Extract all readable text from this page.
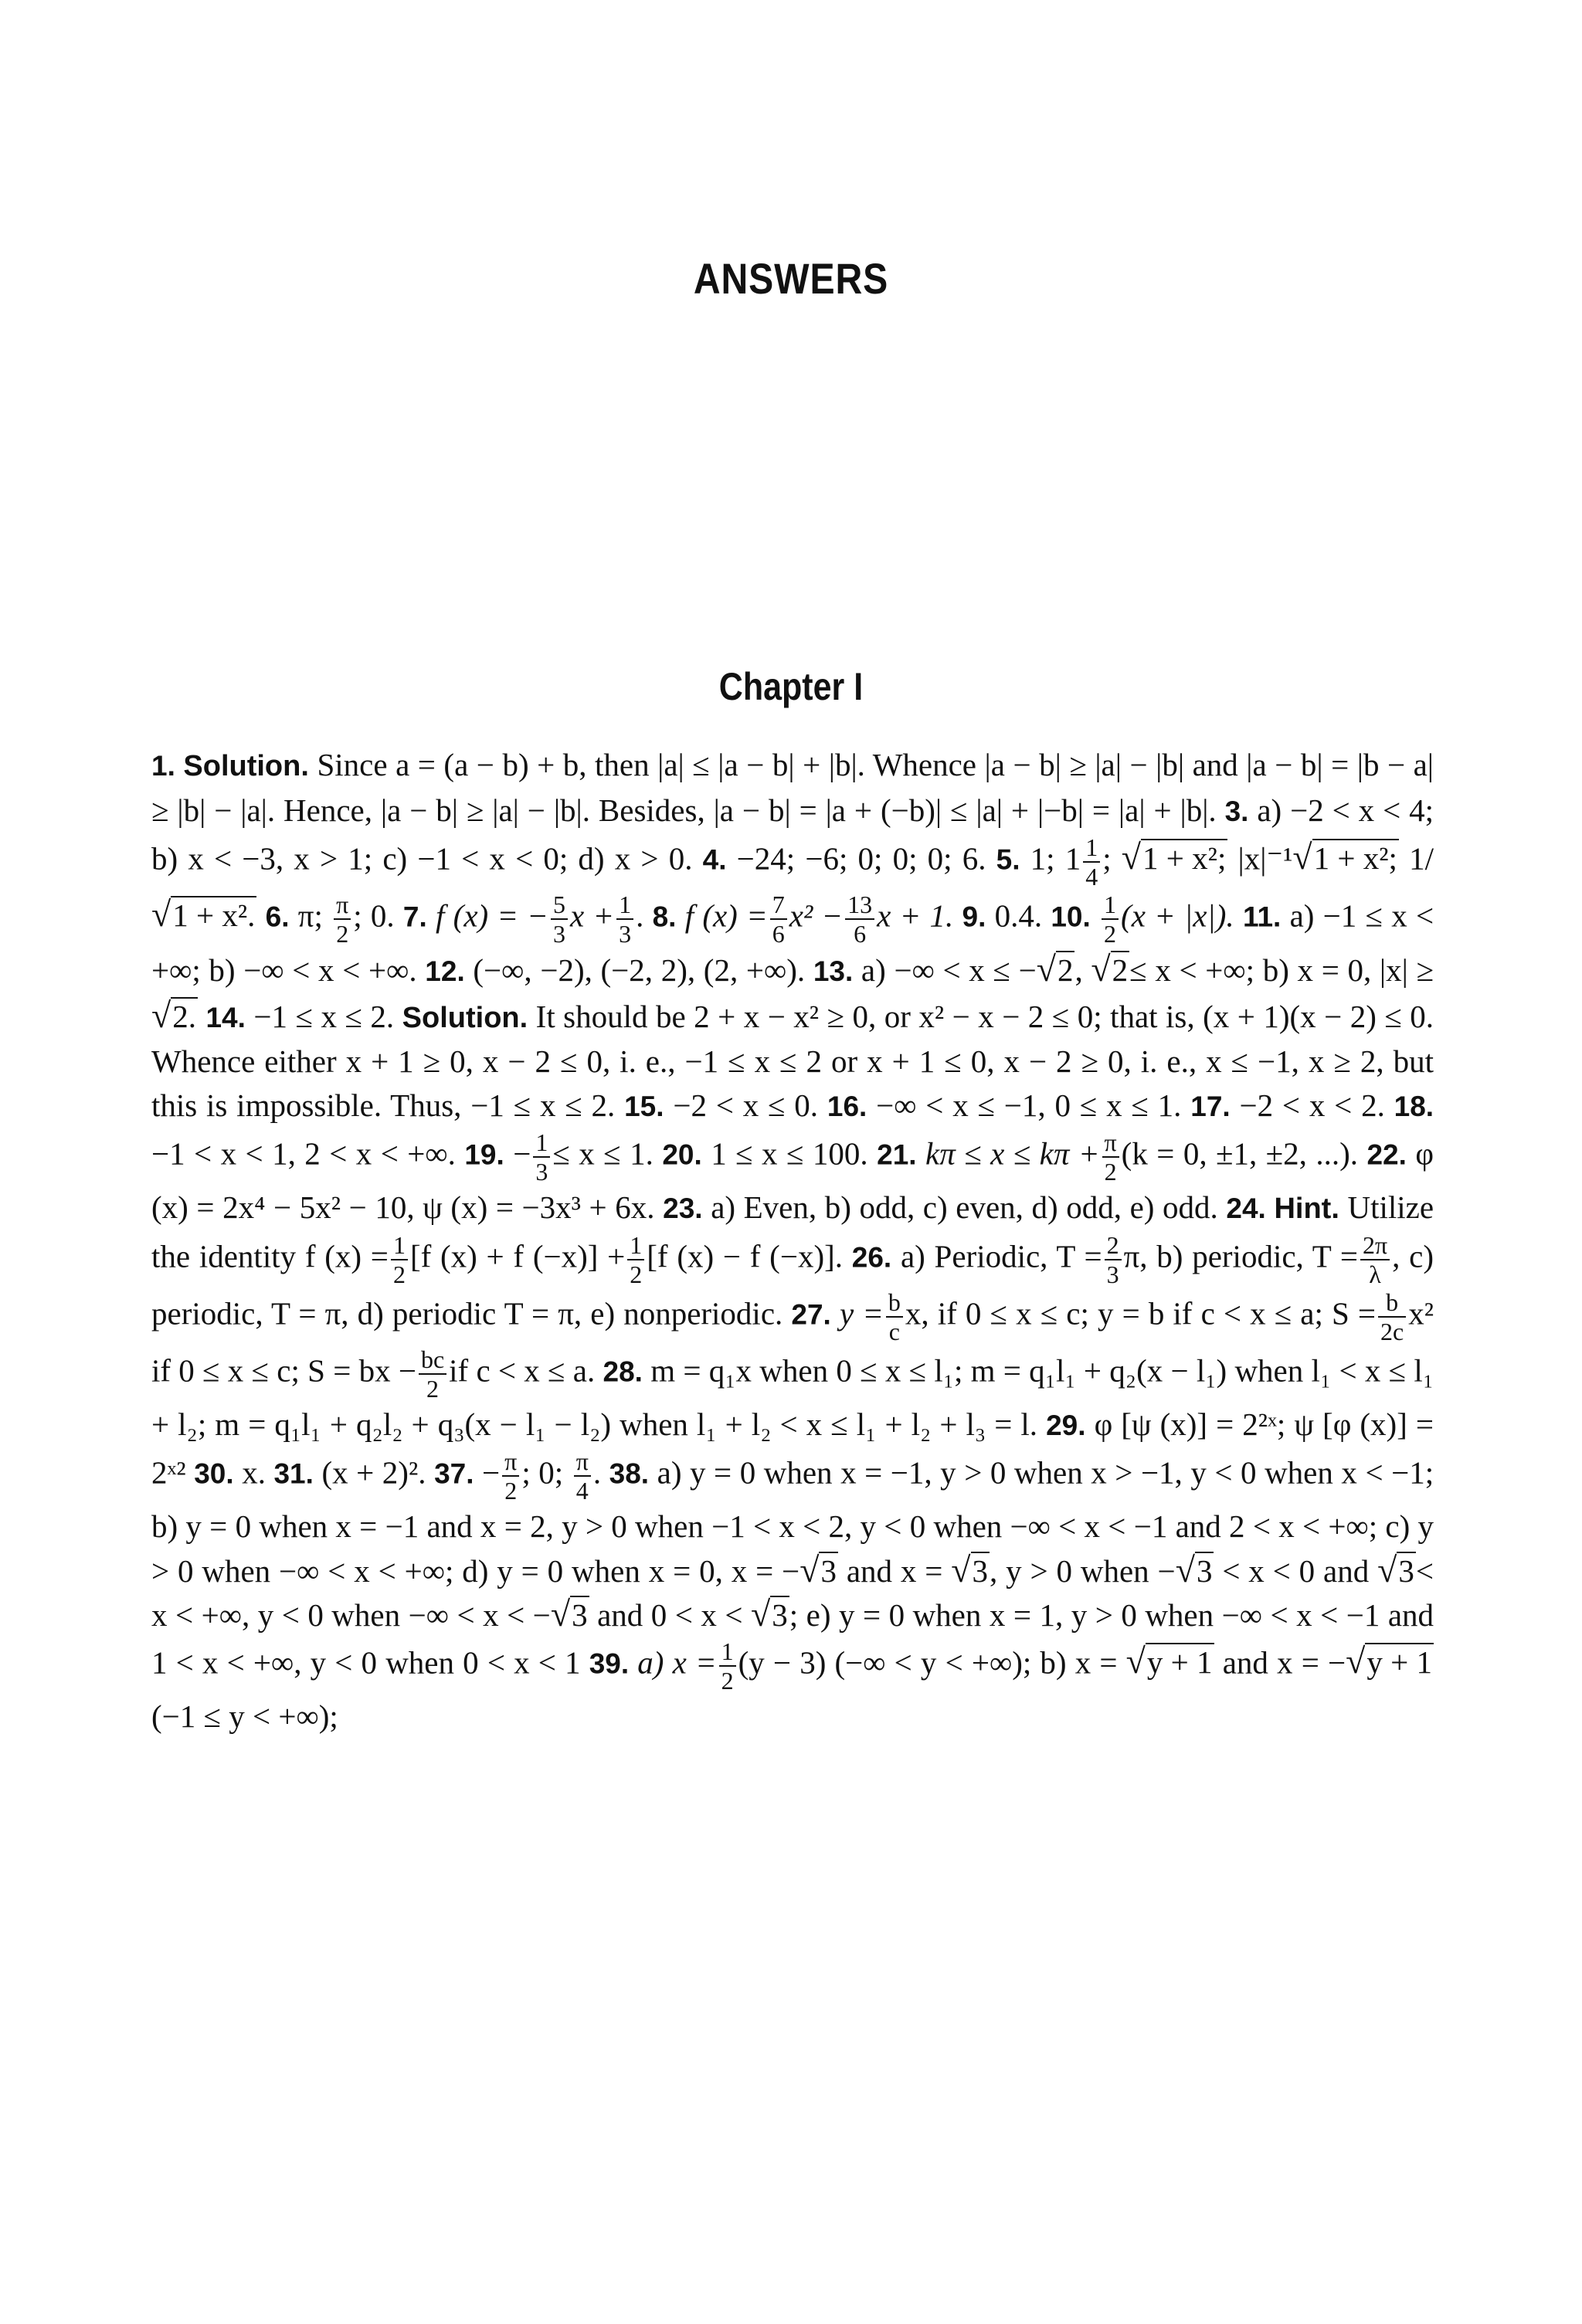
ANSWERS
Chapter I

1. Solution. Since a = (a − b) + b, then |a| ≤ |a − b| + |b|. Whence |a − b| ≥ |a| − |b| and |a − b| = |b − a| ≥ |b| − |a|. Hence, |a − b| ≥ |a| − |b|. Besides, |a − b| = |a + (−b)| ≤ |a| + |−b| = |a| + |b|. 3. a) −2 < x < 4; b) x < −3, x > 1; c) −1 < x < 0; d) x > 0. 4. −24; −6; 0; 0; 0; 6. 5. 1; $1 \frac{1}{4}$ ; √1 + x²; |x|⁻¹√1 + x²; 1/√1 + x². 6. π; $\frac{\pi}{2}$ ; 0. 7. f (x) = − $\frac{5}{3}$ $x + \frac{1}{3}$ . 8. f $(x) = \frac{7}{6} x^2 - \frac{13}{6}$ x + 1. 9. 0.4. 10. $\frac{1}{2} (x + |x|)$. 11. a) −1 ≤ x < +∞; b) −∞ < x < +∞. 12. (−∞, −2), (−2, 2), (2, +∞). 13. a) −∞ < x ≤ −√2, √2≤ x < +∞; b) x = 0, |x| ≥ √2. 14. −1 ≤ x ≤ 2. Solution. It should be 2 + x − x² ≥ 0, or x² − x − 2 ≤ 0; that is, (x + 1)(x − 2) ≤ 0. Whence either x + 1 ≥ 0, x − 2 ≤ 0, i. e., −1 ≤ x ≤ 2 or x + 1 ≤ 0, x − 2 ≥ 0, i. e., x ≤ −1, x ≥ 2, but this is impossible. Thus, −1 ≤ x ≤ 2. 15. −2 < x ≤ 0. 16. −∞ < x ≤ −1, 0 ≤ x ≤ 1. 17. −2 < x < 2. 18. −1 < x < 1, 2 < x < +∞. 19. − $\frac{1}{3} \le x \le 1$. 20. 1 ≤ x ≤ 100. 21. $k\pi \le x \le k\pi + \frac{\pi}{2} (k = 0$, ±1, ±2, ...). 22. φ (x) = 2x⁴ − 5x² − 10, ψ (x) = −3x³ + 6x. 23. a) Even, b) odd, c) even, d) odd, e) odd. 24. Hint. Utilize the identity f $(x) = \frac{1}{2} [f$ (x) + f $(-x)] + \frac{1}{2} [f$ (x) − f (−x)]. 26. a) Periodic, $T = \frac{2}{3} \pi$, b) periodic, $T = \frac{2\pi}{\lambda}$ , c) periodic, T = π, d) periodic T = π, e) nonperiodic. 27. $y = \frac{b}{c} x$, if 0 ≤ x ≤ c; y = b if c < x ≤ a; $S = \frac{b}{2c} x^2$ if 0 ≤ x ≤ c; S = bx − $\frac{bc}{2}$ if c < x ≤ a. 28. m = q₁x when 0 ≤ x ≤ l₁; m = q₁l₁ + q₂(x − l₁) when l₁ < x ≤ l₁ + l₂; m = q₁l₁ + q₂l₂ + q₃(x − l₁ − l₂) when l₁ + l₂ < x ≤ l₁ + l₂ + l₃ = l. 29. φ [ψ (x)] = 2²ˣ; ψ [φ (x)] = 2ˣ² 30. x. 31. (x + 2)². 37. − $\frac{\pi}{2}$ ; 0; $\frac{\pi}{4}$ . 38. a) y = 0 when x = −1, y > 0 when x > −1, y < 0 when x < −1; b) y = 0 when x = −1 and x = 2, y > 0 when −1 < x < 2, y < 0 when −∞ < x < −1 and 2 < x < +∞; c) y > 0 when −∞ < x < +∞; d) y = 0 when x = 0, x = −√3 and x = √3, y > 0 when −√3 < x < 0 and √3< x < +∞, y < 0 when −∞ < x < −√3 and 0 < x < √3; e) y = 0 when x = 1, y > 0 when −∞ < x < −1 and 1 < x < +∞, y < 0 when 0 < x < 1 39. a) $x = \frac{1}{2} (y - 3)$ (−∞ < y < +∞); b) x = √y + 1 and x = −√y + 1 (−1 ≤ y < +∞);
